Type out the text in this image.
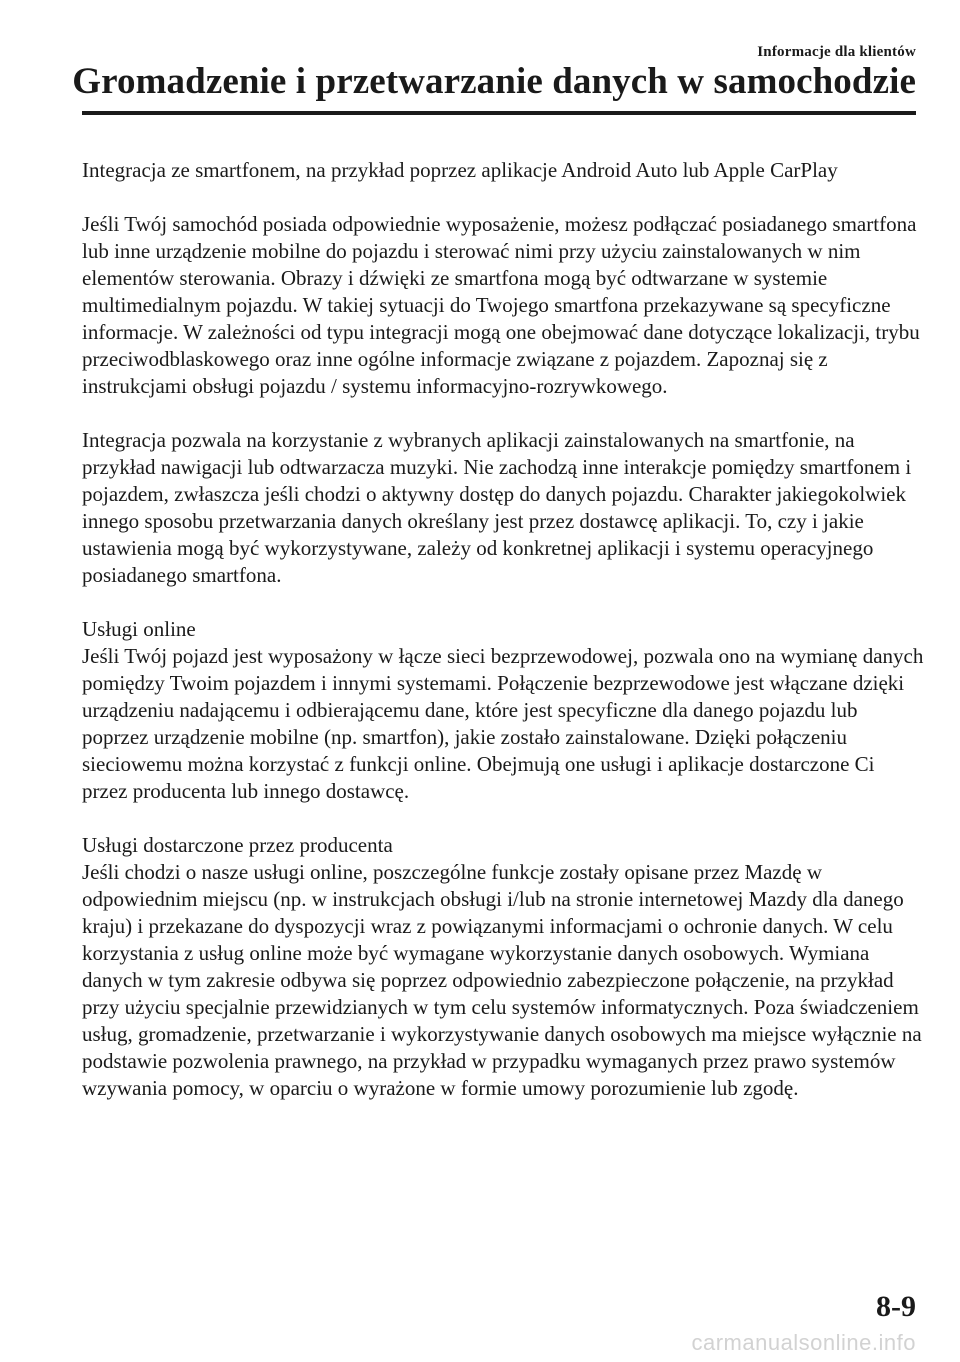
Informacje dla klientów
Gromadzenie i przetwarzanie danych w samochodzie

Integracja ze smartfonem, na przykład poprzez aplikacje Android Auto lub Apple CarPlay

Jeśli Twój samochód posiada odpowiednie wyposażenie, możesz podłączać posiadanego smartfona lub inne urządzenie mobilne do pojazdu i sterować nimi przy użyciu zainstalowanych w nim elementów sterowania. Obrazy i dźwięki ze smartfona mogą być odtwarzane w systemie multimedialnym pojazdu. W takiej sytuacji do Twojego smartfona przekazywane są specyficzne informacje. W zależności od typu integracji mogą one obejmować dane dotyczące lokalizacji, trybu przeciwodblaskowego oraz inne ogólne informacje związane z pojazdem. Zapoznaj się z instrukcjami obsługi pojazdu / systemu informacyjno-rozrywkowego.

Integracja pozwala na korzystanie z wybranych aplikacji zainstalowanych na smartfonie, na przykład nawigacji lub odtwarzacza muzyki. Nie zachodzą inne interakcje pomiędzy smartfonem i pojazdem, zwłaszcza jeśli chodzi o aktywny dostęp do danych pojazdu. Charakter jakiegokolwiek innego sposobu przetwarzania danych określany jest przez dostawcę aplikacji. To, czy i jakie ustawienia mogą być wykorzystywane, zależy od konkretnej aplikacji i systemu operacyjnego posiadanego smartfona.

Usługi online

Jeśli Twój pojazd jest wyposażony w łącze sieci bezprzewodowej, pozwala ono na wymianę danych pomiędzy Twoim pojazdem i innymi systemami. Połączenie bezprzewodowe jest włączane dzięki urządzeniu nadającemu i odbierającemu dane, które jest specyficzne dla danego pojazdu lub poprzez urządzenie mobilne (np. smartfon), jakie zostało zainstalowane. Dzięki połączeniu sieciowemu można korzystać z funkcji online. Obejmują one usługi i aplikacje dostarczone Ci przez producenta lub innego dostawcę.

Usługi dostarczone przez producenta

Jeśli chodzi o nasze usługi online, poszczególne funkcje zostały opisane przez Mazdę w odpowiednim miejscu (np. w instrukcjach obsługi i/lub na stronie internetowej Mazdy dla danego kraju) i przekazane do dyspozycji wraz z powiązanymi informacjami o ochronie danych. W celu korzystania z usług online może być wymagane wykorzystanie danych osobowych. Wymiana danych w tym zakresie odbywa się poprzez odpowiednio zabezpieczone połączenie, na przykład przy użyciu specjalnie przewidzianych w tym celu systemów informatycznych. Poza świadczeniem usług, gromadzenie, przetwarzanie i wykorzystywanie danych osobowych ma miejsce wyłącznie na podstawie pozwolenia prawnego, na przykład w przypadku wymaganych przez prawo systemów wzywania pomocy, w oparciu o wyrażone w formie umowy porozumienie lub zgodę.

8-9
carmanualsonline.info
